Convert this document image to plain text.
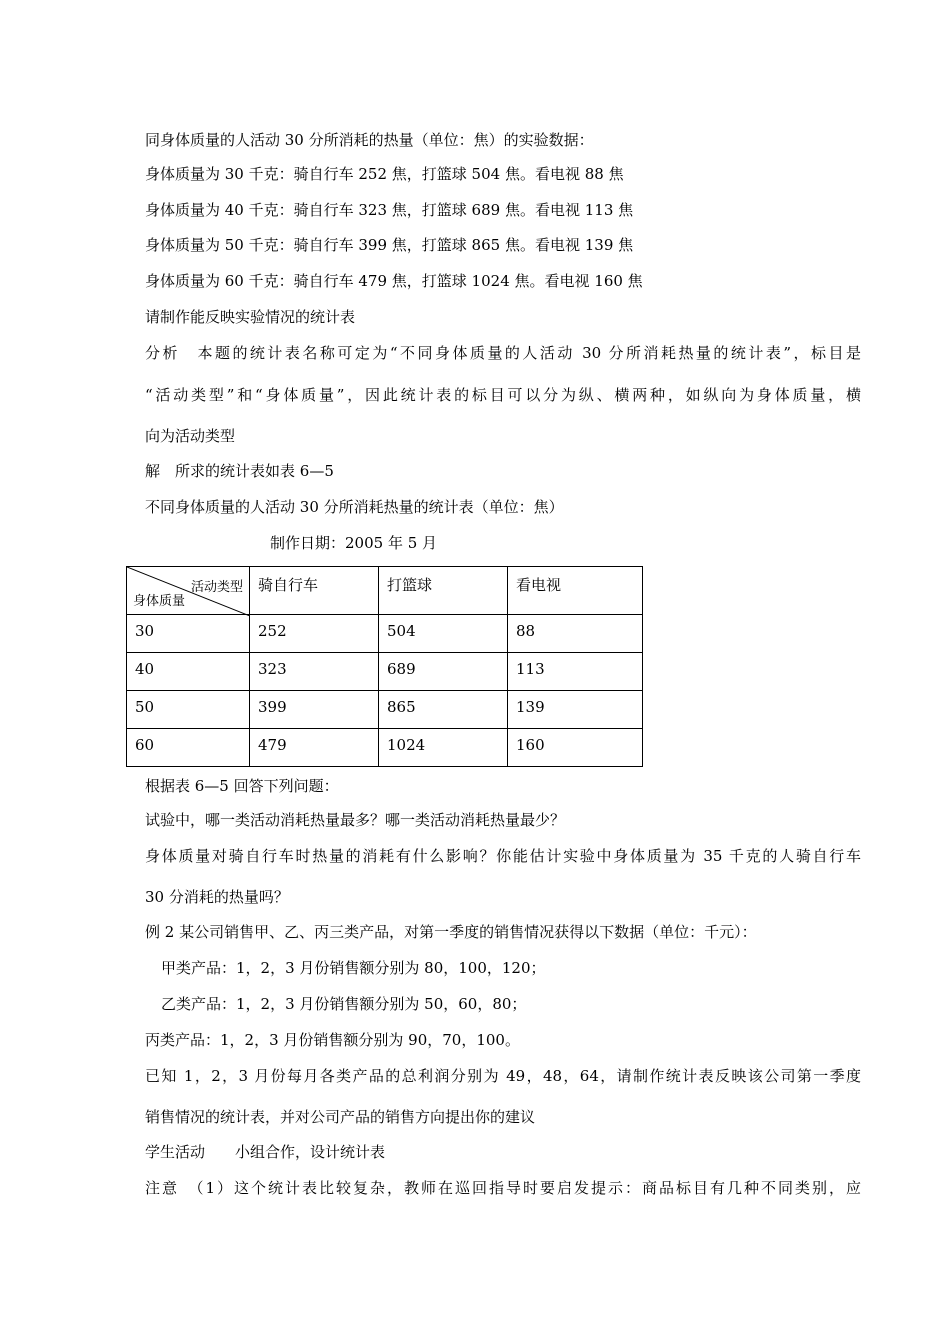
同身体质量的人活动 30 分所消耗的热量（单位：焦）的实验数据：
身体质量为 30 千克：骑自行车 252 焦，打篮球 504 焦。看电视 88 焦
身体质量为 40 千克：骑自行车 323 焦，打篮球 689 焦。看电视 113 焦
身体质量为 50 千克：骑自行车 399 焦，打篮球 865 焦。看电视 139 焦
身体质量为 60 千克：骑自行车 479 焦，打篮球 1024 焦。看电视 160 焦
请制作能反映实验情况的统计表
分析　本题的统计表名称可定为“不同身体质量的人活动 30 分所消耗热量的统计表”，标目是
“活动类型”和“身体质量”，因此统计表的标目可以分为纵、横两种，如纵向为身体质量，横
向为活动类型
解　所求的统计表如表 6—5
不同身体质量的人活动 30 分所消耗热量的统计表（单位：焦）
制作日期：2005 年 5 月
活动类型
身体质量	骑自行车	打篮球	看电视
30	252	504	88
40	323	689	113
50	399	865	139
60	479	1024	160
根据表 6—5 回答下列问题：
试验中，哪一类活动消耗热量最多？哪一类活动消耗热量最少？
身体质量对骑自行车时热量的消耗有什么影响？你能估计实验中身体质量为 35 千克的人骑自行车
30 分消耗的热量吗？
例 2 某公司销售甲、乙、丙三类产品，对第一季度的销售情况获得以下数据（单位：千元）：
甲类产品：1，2，3 月份销售额分别为 80，100，120；
乙类产品：1，2，3 月份销售额分别为 50，60，80；
丙类产品：1，2，3 月份销售额分别为 90，70，100。
已知 1，2，3 月份每月各类产品的总利润分别为 49，48，64，请制作统计表反映该公司第一季度
销售情况的统计表，并对公司产品的销售方向提出你的建议
学生活动　　小组合作，设计统计表
注意　（1）这个统计表比较复杂，教师在巡回指导时要启发提示：商品标目有几种不同类别，应
